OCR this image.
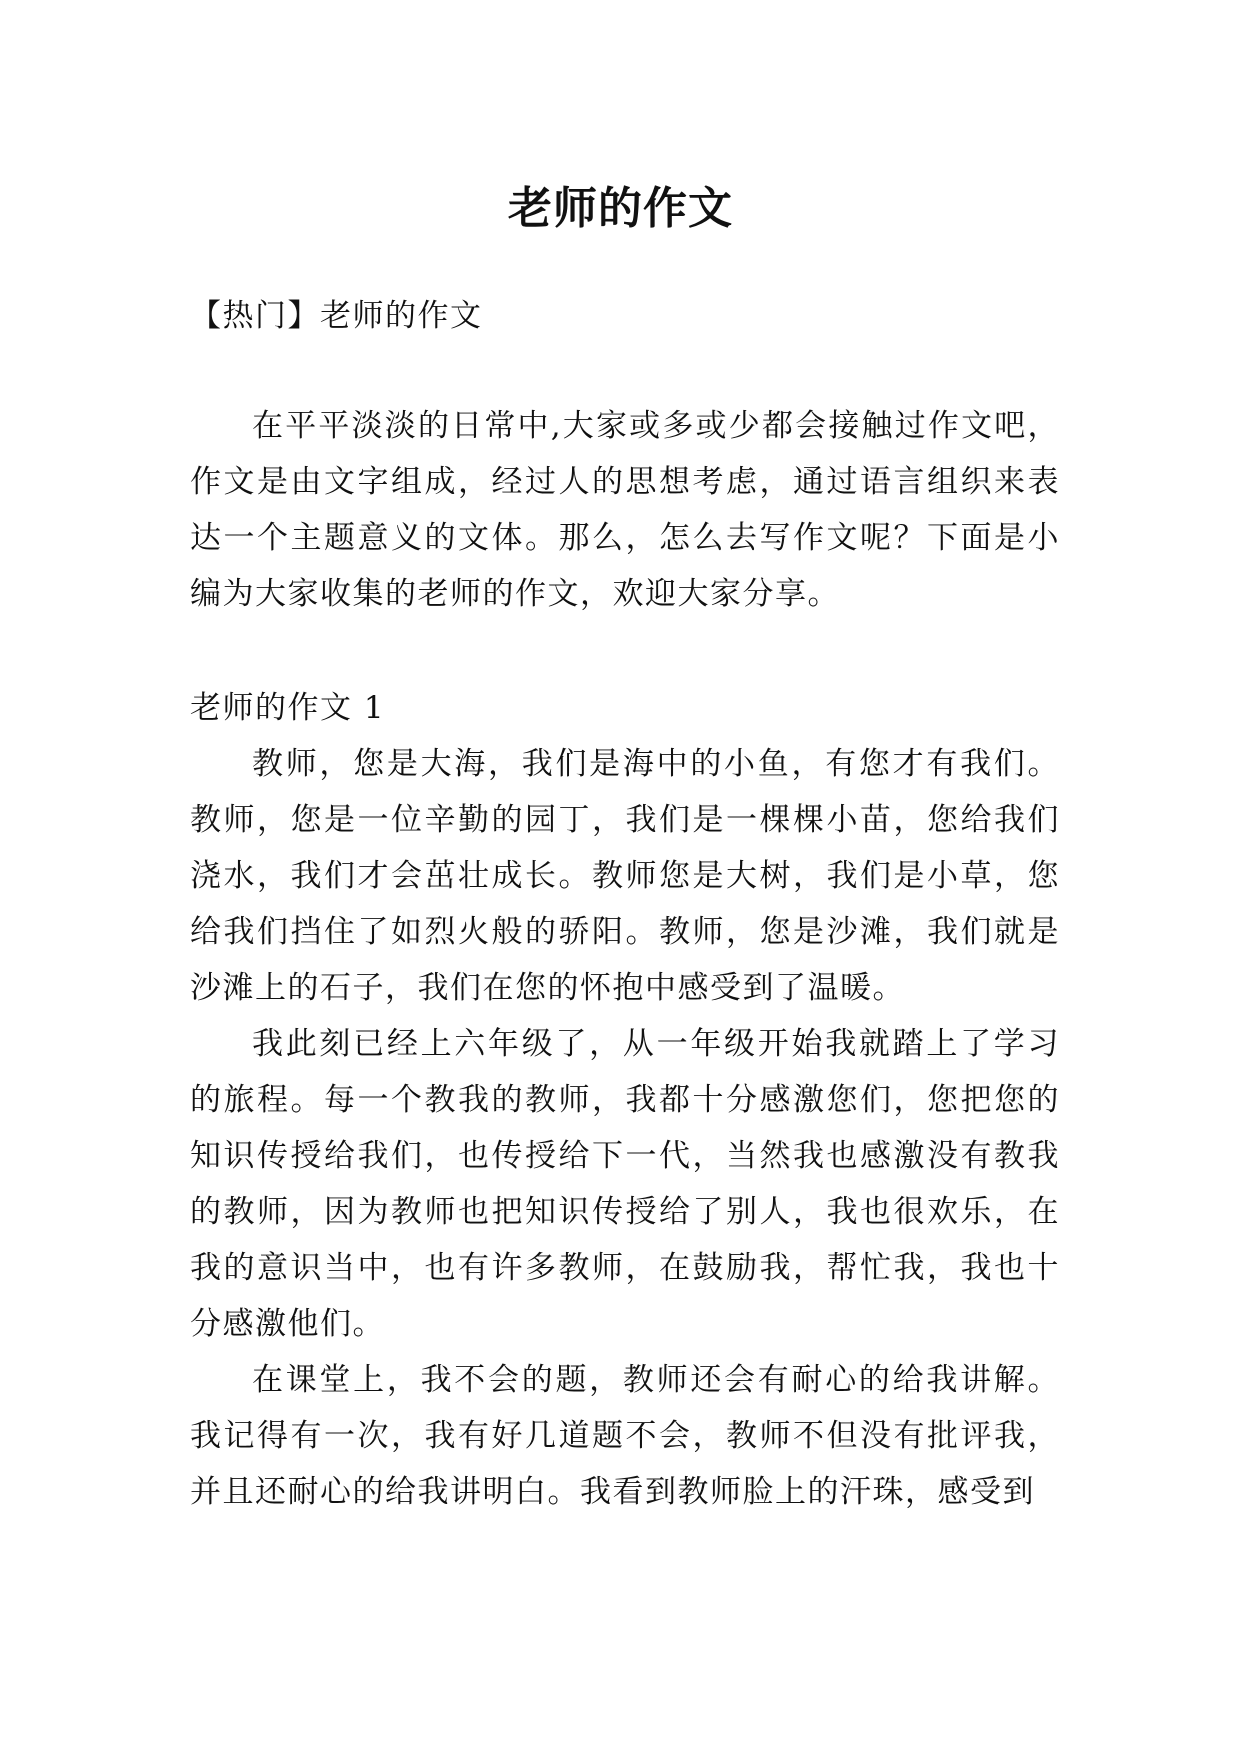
老师的作文

【热门】老师的作文

在平平淡淡的日常中,大家或多或少都会接触过作文吧，作文是由文字组成，经过人的思想考虑，通过语言组织来表达一个主题意义的文体。那么，怎么去写作文呢？下面是小编为大家收集的老师的作文，欢迎大家分享。

老师的作文 1

教师，您是大海，我们是海中的小鱼，有您才有我们。教师，您是一位辛勤的园丁，我们是一棵棵小苗，您给我们浇水，我们才会茁壮成长。教师您是大树，我们是小草，您给我们挡住了如烈火般的骄阳。教师，您是沙滩，我们就是沙滩上的石子，我们在您的怀抱中感受到了温暖。

我此刻已经上六年级了，从一年级开始我就踏上了学习的旅程。每一个教我的教师，我都十分感激您们，您把您的知识传授给我们，也传授给下一代，当然我也感激没有教我的教师，因为教师也把知识传授给了别人，我也很欢乐，在我的意识当中，也有许多教师，在鼓励我，帮忙我，我也十分感激他们。

在课堂上，我不会的题，教师还会有耐心的给我讲解。我记得有一次，我有好几道题不会，教师不但没有批评我，并且还耐心的给我讲明白。我看到教师脸上的汗珠，感受到
